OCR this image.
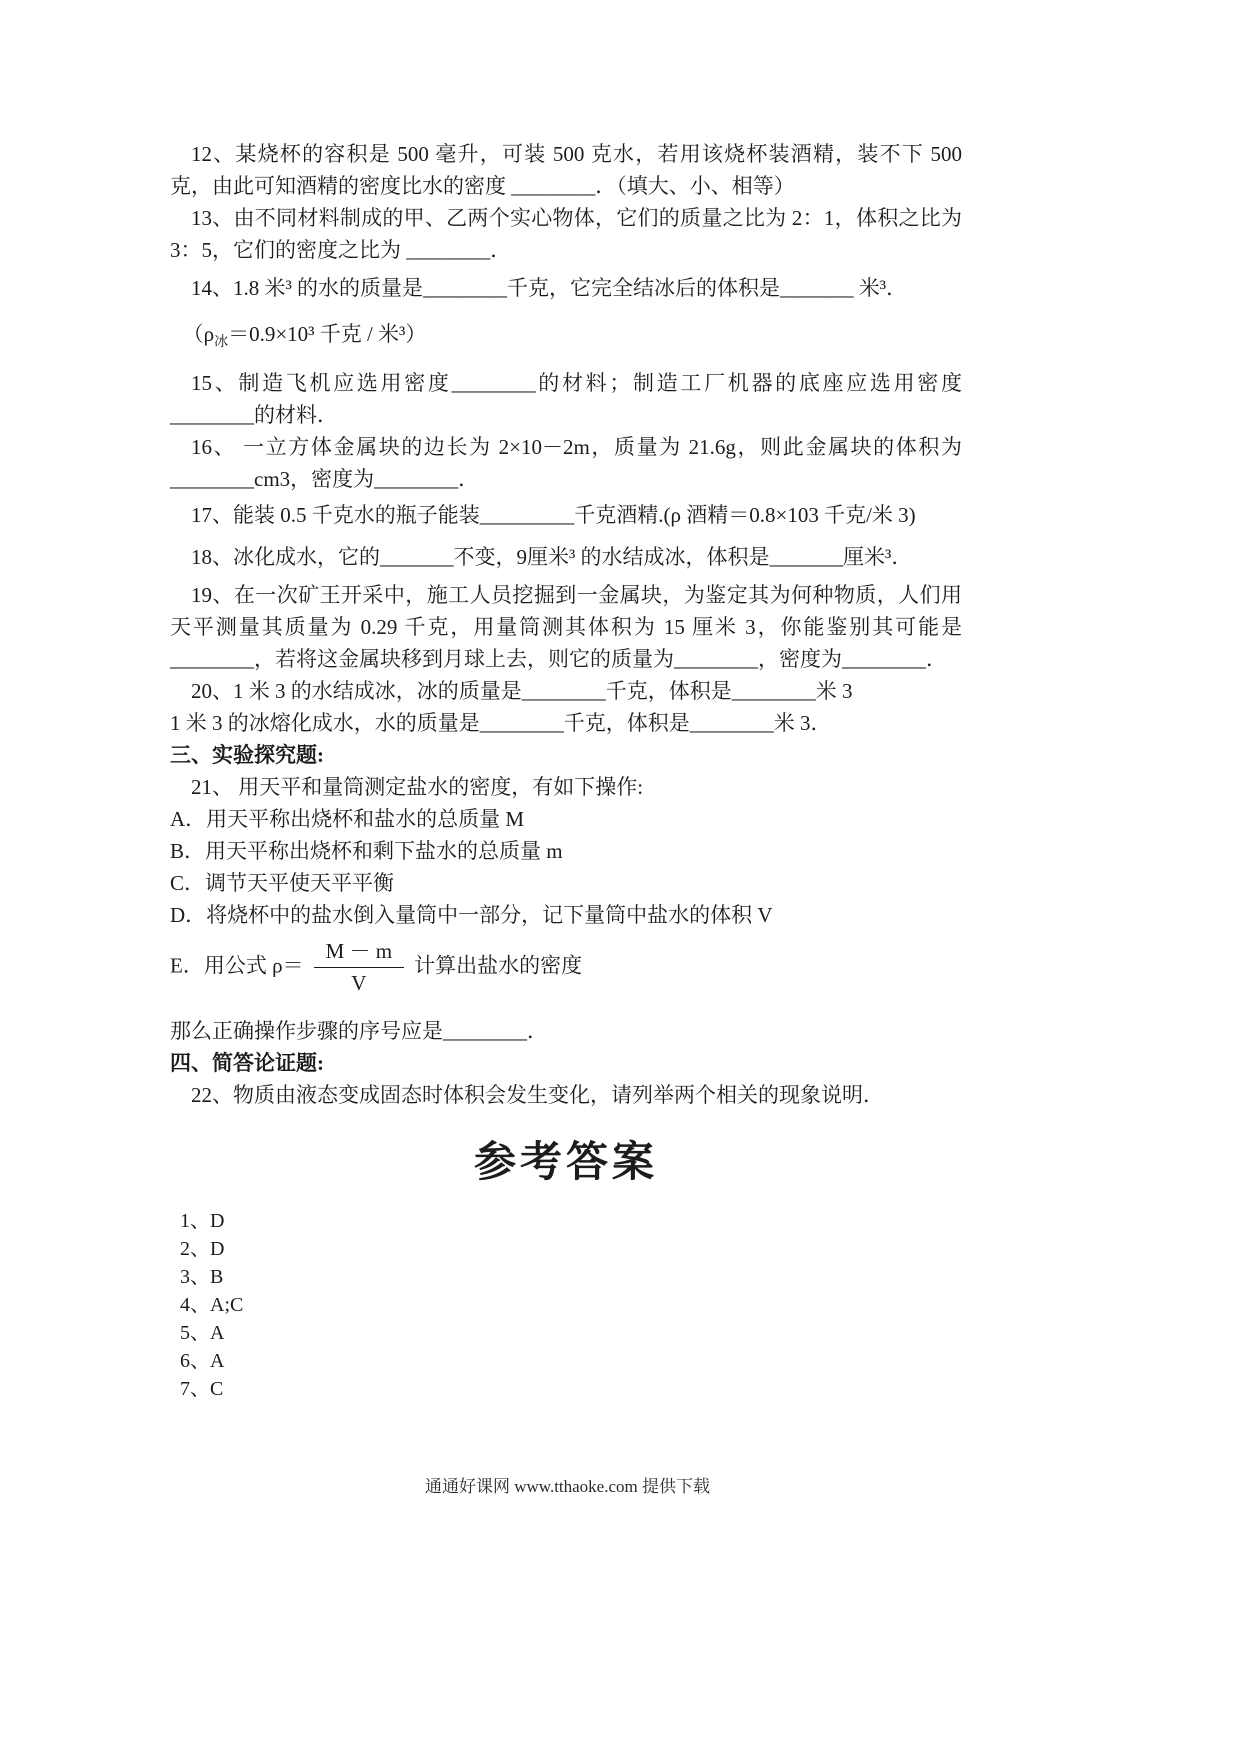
12、某烧杯的容积是 500 毫升，可装 500 克水，若用该烧杯装酒精，装不下 500 克，由此可知酒精的密度比水的密度 ________．（填大、小、相等）

13、由不同材料制成的甲、乙两个实心物体，它们的质量之比为 2：1，体积之比为 3：5，它们的密度之比为 ________．

14、1.8 米³ 的水的质量是________千克，它完全结冰后的体积是_______ 米³．

（$\rho_冰=0.9\times 10^3$ 千克 / 米³）

15、制造飞机应选用密度________的材料；制造工厂机器的底座应选用密度________的材料．

16、 一立方体金属块的边长为 2×10－2m，质量为 21.6g，则此金属块的体积为________cm3，密度为________．

17、能装 0.5 千克水的瓶子能装_________千克酒精.(ρ 酒精＝0.8×103 千克/米 3)

18、冰化成水，它的_______不变，9厘米³ 的水结成冰，体积是_______厘米³．

19、在一次矿王开采中，施工人员挖掘到一金属块，为鉴定其为何种物质，人们用天平测量其质量为 0.29 千克，用量筒测其体积为 15 厘米 3，你能鉴别其可能是________，若将这金属块移到月球上去，则它的质量为________，密度为________．

20、1 米 3 的水结成冰，冰的质量是________千克，体积是________米 3

1 米 3 的冰熔化成水，水的质量是________千克，体积是________米 3．

三、实验探究题:

21、 用天平和量筒测定盐水的密度，有如下操作:

A．用天平称出烧杯和盐水的总质量 M

B．用天平称出烧杯和剩下盐水的总质量 m

C．调节天平使天平平衡

D．将烧杯中的盐水倒入量筒中一部分，记下量筒中盐水的体积 V

E．用公式 $\rho= \frac{M - m}{V}$ 计算出盐水的密度

那么正确操作步骤的序号应是________．

四、简答论证题:

22、物质由液态变成固态时体积会发生变化，请列举两个相关的现象说明．

参考答案

1、D

2、D

3、B

4、A;C

5、A

6、A

7、C

通通好课网 www.tthaoke.com 提供下载
